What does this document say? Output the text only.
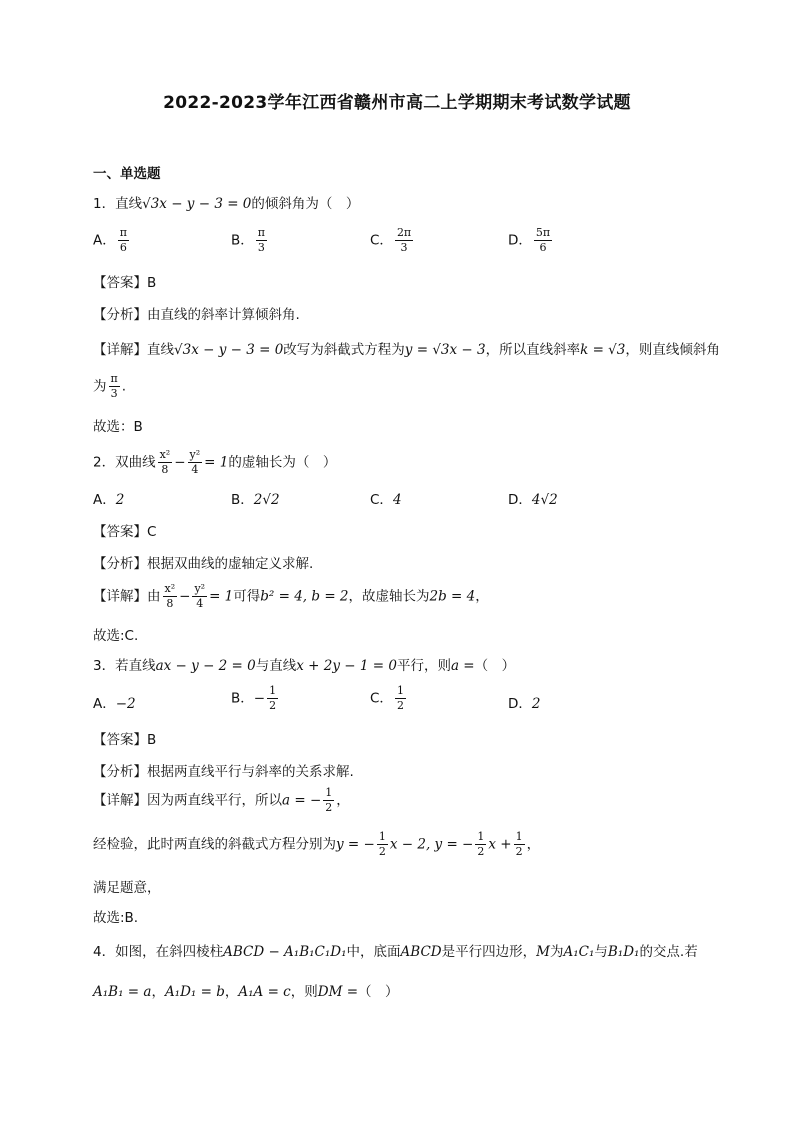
2022-2023学年江西省赣州市高二上学期期末考试数学试题
一、单选题
1．直线√3x − y − 3 = 0的倾斜角为（　）
A． $\frac{\pi}{6}$	B． $\frac{\pi}{3}$	C． $\frac{2\pi}{3}$	D． $\frac{5\pi}{6}$
【答案】B
【分析】由直线的斜率计算倾斜角.
【详解】直线√3x − y − 3 = 0改写为斜截式方程为y = √3x − 3，所以直线斜率k = √3，则直线倾斜角
为 $\frac{\pi}{3}$ .
故选：B
2．双曲线 $\frac{\text{x²}}{8} - \frac{\text{y²}}{4} = 1$的虚轴长为（　）
A．2	B．2√2	C．4	D．4√2
【答案】C
【分析】根据双曲线的虚轴定义求解.
【详解】由 $\frac{\text{x²}}{8} - \frac{\text{y²}}{4} = 1$可得b² = 4, b = 2，故虚轴长为2b = 4，
故选:C.
3．若直线ax − y − 2 = 0与直线x + 2y − 1 = 0平行，则a =（　）
A．−2	B．− $\frac{1}{2}$	C． $\frac{1}{2}$	D．2
【答案】B
【分析】根据两直线平行与斜率的关系求解.
【详解】因为两直线平行，所以a = − $\frac{1}{2}$ ，
经检验，此时两直线的斜截式方程分别为y = − $\frac{1}{2}$ x − 2, y = − $\frac{1}{2}$ $x + \frac{1}{2}$ ，
满足题意，
故选:B.
4．如图，在斜四棱柱ABCD − A₁B₁C₁D₁中，底面ABCD是平行四边形，M为A₁C₁与B₁D₁的交点.若
A₁B₁ = a，A₁D₁ = b，A₁A = c，则DM =（　）
